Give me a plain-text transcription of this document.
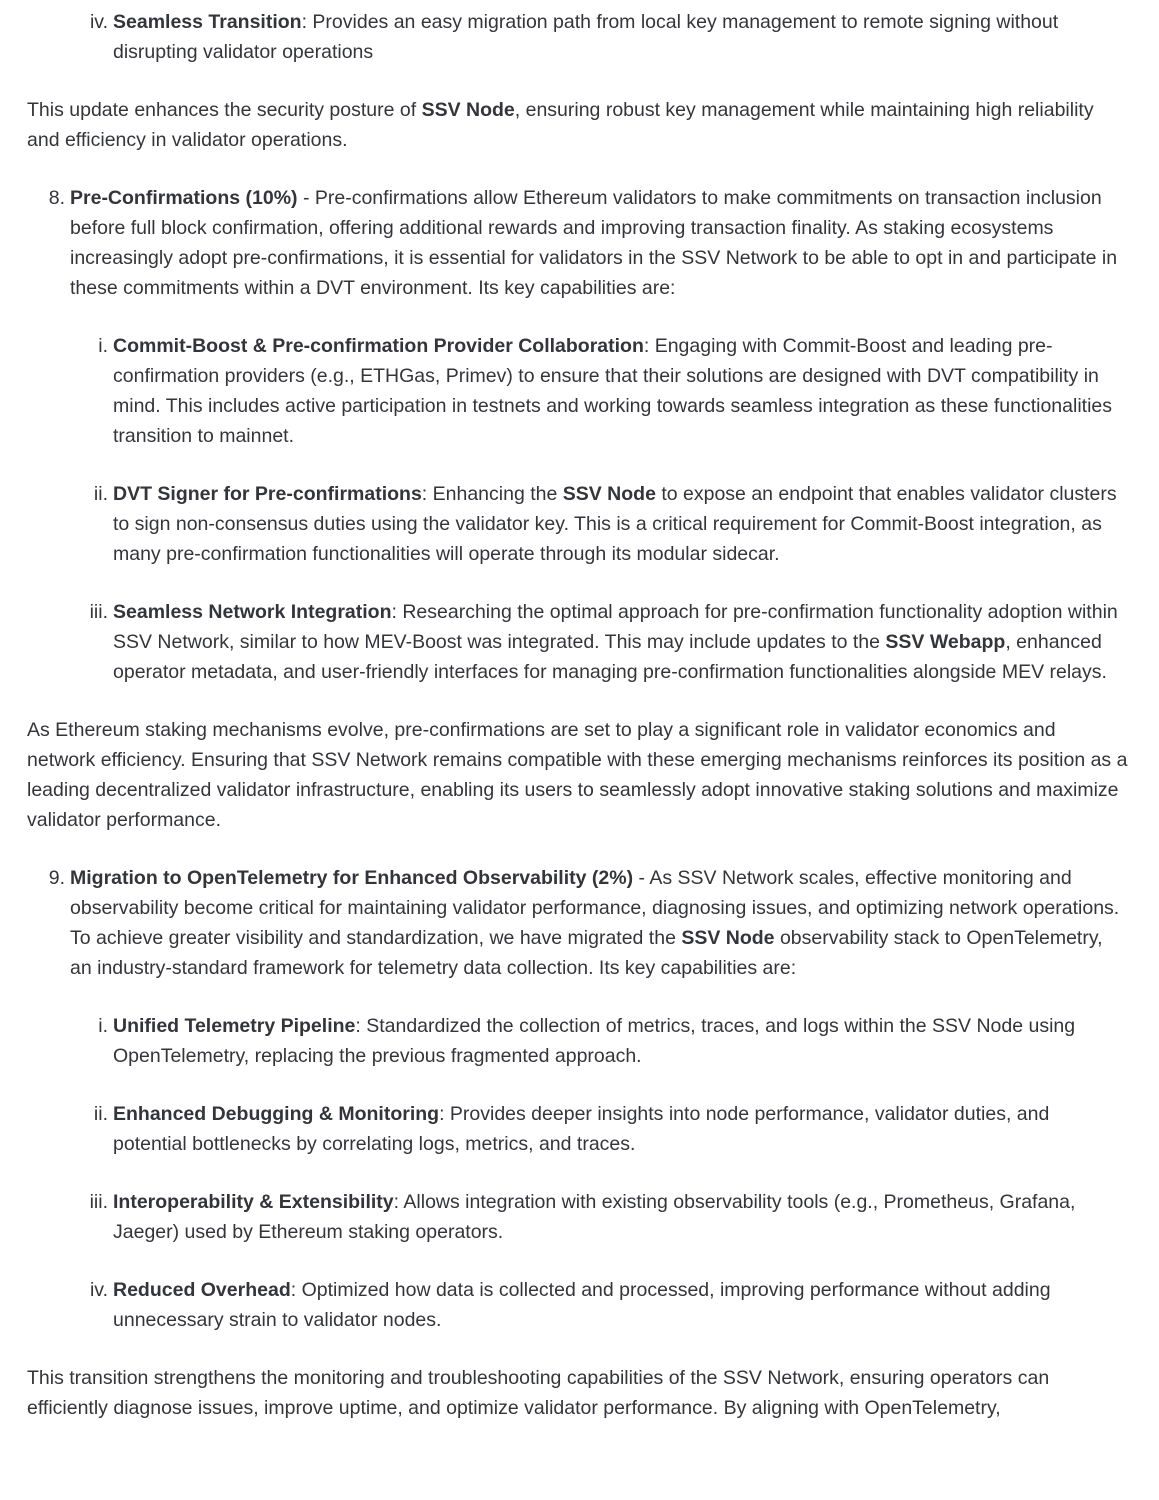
iv. Seamless Transition: Provides an easy migration path from local key management to remote signing without disrupting validator operations
This update enhances the security posture of SSV Node, ensuring robust key management while maintaining high reliability and efficiency in validator operations.
8. Pre-Confirmations (10%) - Pre-confirmations allow Ethereum validators to make commitments on transaction inclusion before full block confirmation, offering additional rewards and improving transaction finality. As staking ecosystems increasingly adopt pre-confirmations, it is essential for validators in the SSV Network to be able to opt in and participate in these commitments within a DVT environment. Its key capabilities are:
i. Commit-Boost & Pre-confirmation Provider Collaboration: Engaging with Commit-Boost and leading pre-confirmation providers (e.g., ETHGas, Primev) to ensure that their solutions are designed with DVT compatibility in mind. This includes active participation in testnets and working towards seamless integration as these functionalities transition to mainnet.
ii. DVT Signer for Pre-confirmations: Enhancing the SSV Node to expose an endpoint that enables validator clusters to sign non-consensus duties using the validator key. This is a critical requirement for Commit-Boost integration, as many pre-confirmation functionalities will operate through its modular sidecar.
iii. Seamless Network Integration: Researching the optimal approach for pre-confirmation functionality adoption within SSV Network, similar to how MEV-Boost was integrated. This may include updates to the SSV Webapp, enhanced operator metadata, and user-friendly interfaces for managing pre-confirmation functionalities alongside MEV relays.
As Ethereum staking mechanisms evolve, pre-confirmations are set to play a significant role in validator economics and network efficiency. Ensuring that SSV Network remains compatible with these emerging mechanisms reinforces its position as a leading decentralized validator infrastructure, enabling its users to seamlessly adopt innovative staking solutions and maximize validator performance.
9. Migration to OpenTelemetry for Enhanced Observability (2%) - As SSV Network scales, effective monitoring and observability become critical for maintaining validator performance, diagnosing issues, and optimizing network operations. To achieve greater visibility and standardization, we have migrated the SSV Node observability stack to OpenTelemetry, an industry-standard framework for telemetry data collection. Its key capabilities are:
i. Unified Telemetry Pipeline: Standardized the collection of metrics, traces, and logs within the SSV Node using OpenTelemetry, replacing the previous fragmented approach.
ii. Enhanced Debugging & Monitoring: Provides deeper insights into node performance, validator duties, and potential bottlenecks by correlating logs, metrics, and traces.
iii. Interoperability & Extensibility: Allows integration with existing observability tools (e.g., Prometheus, Grafana, Jaeger) used by Ethereum staking operators.
iv. Reduced Overhead: Optimized how data is collected and processed, improving performance without adding unnecessary strain to validator nodes.
This transition strengthens the monitoring and troubleshooting capabilities of the SSV Network, ensuring operators can efficiently diagnose issues, improve uptime, and optimize validator performance. By aligning with OpenTelemetry,
